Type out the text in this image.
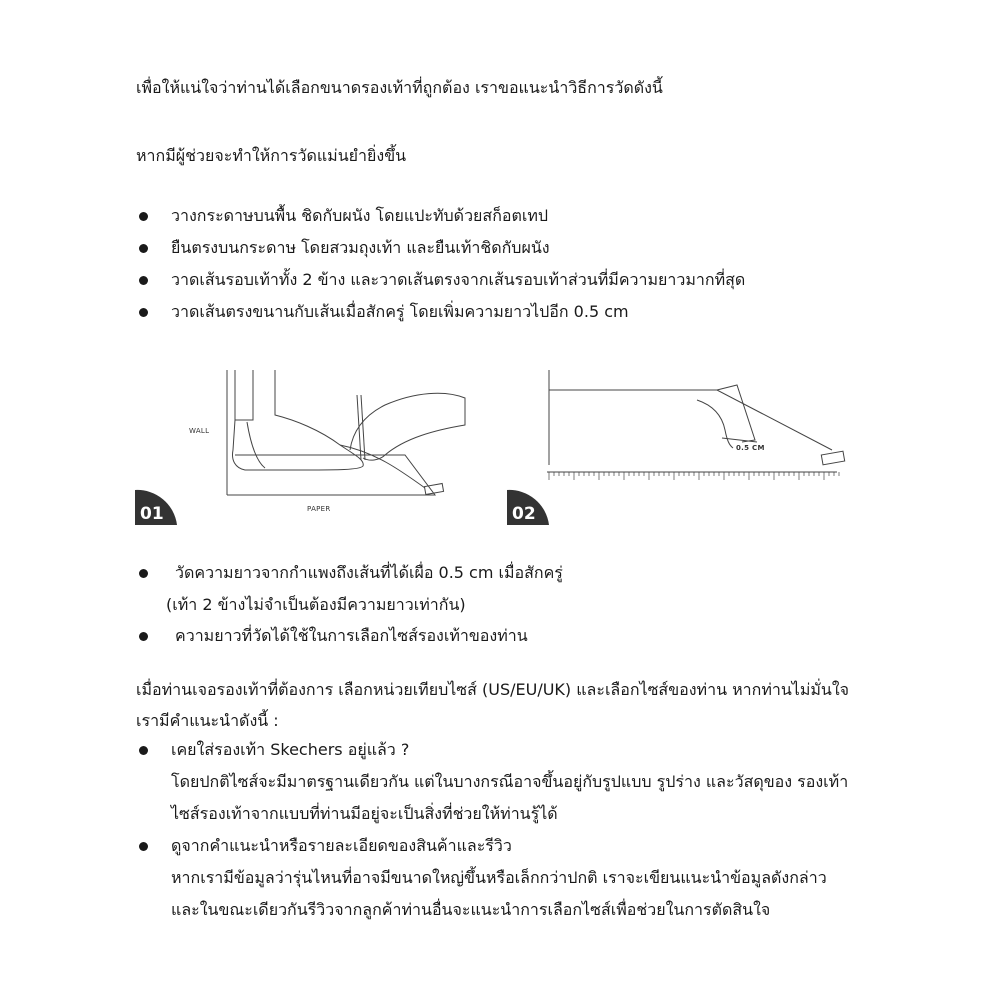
เพื่อให้แน่ใจว่าท่านได้เลือกขนาดรองเท้าที่ถูกต้อง เราขอแนะนำวิธีการวัดดังนี้
หากมีผู้ช่วยจะทำให้การวัดแม่นยำยิ่งขึ้น
วางกระดาษบนพื้น ชิดกับผนัง โดยแปะทับด้วยสก็อตเทป
ยืนตรงบนกระดาษ โดยสวมถุงเท้า และยืนเท้าชิดกับผนัง
วาดเส้นรอบเท้าทั้ง 2 ข้าง และวาดเส้นตรงจากเส้นรอบเท้าส่วนที่มีความยาวมากที่สุด
วาดเส้นตรงขนานกับเส้นเมื่อสักครู่ โดยเพิ่มความยาวไปอีก 0.5 cm
01
WALL
PAPER	02
0.5 CM
วัดความยาวจากกำแพงถึงเส้นที่ได้เผื่อ 0.5 cm เมื่อสักครู่
(เท้า 2 ข้างไม่จำเป็นต้องมีความยาวเท่ากัน)
ความยาวที่วัดได้ใช้ในการเลือกไซส์รองเท้าของท่าน
เมื่อท่านเจอรองเท้าที่ต้องการ เลือกหน่วยเทียบไซส์ (US/EU/UK) และเลือกไซส์ของท่าน หากท่านไม่มั่นใจ
เรามีคำแนะนำดังนี้ :
เคยใส่รองเท้า Skechers อยู่แล้ว ?
โดยปกติไซส์จะมีมาตรฐานเดียวกัน แต่ในบางกรณีอาจขึ้นอยู่กับรูปแบบ รูปร่าง และวัสดุของ รองเท้า
ไซส์รองเท้าจากแบบที่ท่านมีอยู่จะเป็นสิ่งที่ช่วยให้ท่านรู้ได้
ดูจากคำแนะนำหรือรายละเอียดของสินค้าและรีวิว
หากเรามีข้อมูลว่ารุ่นไหนที่อาจมีขนาดใหญ่ขึ้นหรือเล็กกว่าปกติ เราจะเขียนแนะนำข้อมูลดังกล่าว
และในขณะเดียวกันรีวิวจากลูกค้าท่านอื่นจะแนะนำการเลือกไซส์เพื่อช่วยในการตัดสินใจ
